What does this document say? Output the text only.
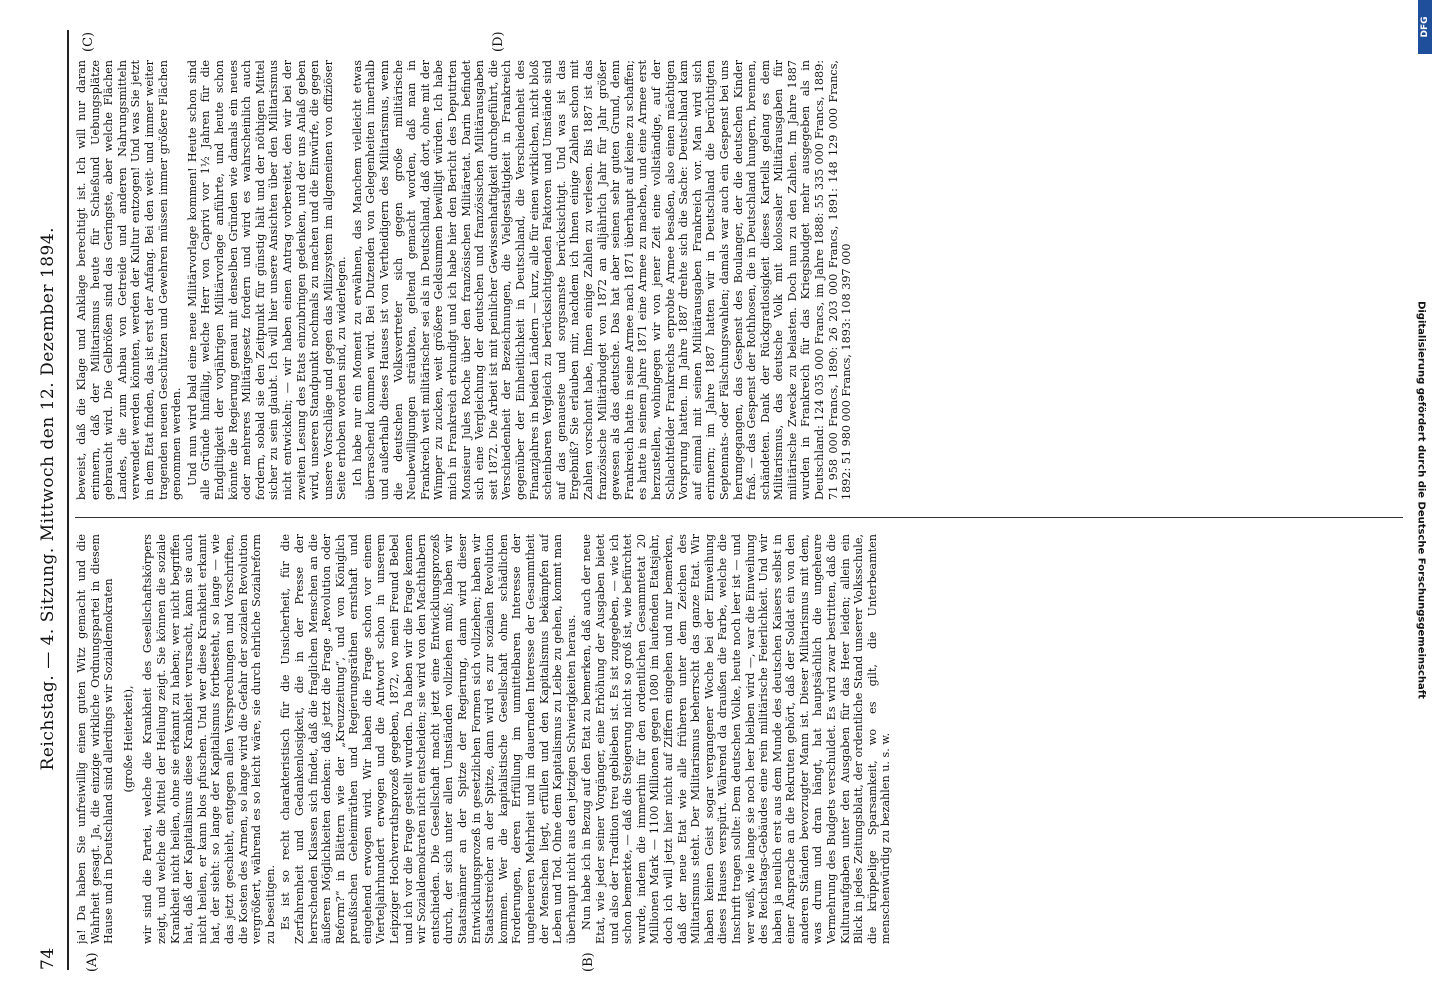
74
Reichstag. — 4. Sitzung. Mittwoch den 12. Dezember 1894.
(A)	(B)
(C)	(D)

ja! Da haben Sie unfreiwillig einen guten Witz gemacht und die Wahrheit gesagt. Ja, die einzige wirkliche Ordnungspartei in diesem Hause und in Deutschland sind allerdings wir Sozialdemokraten (große Heiterkeit), wir sind die Partei, welche die Krankheit des Gesellschaftskörpers zeigt, und welche die Mittel der Heilung zeigt. Sie können die soziale Krankheit nicht heilen, ohne sie erkannt zu haben; wer nicht begriffen hat, daß der Kapitalismus diese Krankheit verursacht, kann sie auch nicht heilen, er kann blos pfuschen. Und wer diese Krankheit erkannt hat, der sieht: so lange der Kapitalismus fortbesteht, so lange — wie das jetzt geschieht, entgegen allen Versprechungen und Vorschriften, die Kosten des Armen, so lange wird die Gefahr der sozialen Revolution vergrößert, während es so leicht wäre, sie durch ehrliche Sozialreform zu beseitigen. Es ist so recht charakteristisch für die Unsicherheit, für die Zerfahrenheit und Gedankenlosigkeit, die in der Presse der herrschenden Klassen sich findet, daß die fraglichen Menschen an die äußeren Möglichkeiten denken: daß jetzt die Frage „Revolution oder Reform?“ in Blättern wie der „Kreuzzeitung“, und von Königlich preußischen Geheimräthen und Regierungsräthen ernsthaft und eingehend erwogen wird. Wir haben die Frage schon vor einem Vierteljahrhundert erwogen und die Antwort schon in unserem Leipziger Hochverrathsprozeß gegeben, 1872, wo mein Freund Bebel und ich vor die Frage gestellt wurden. Da haben wir die Frage kennen wir Sozialdemokraten nicht entscheiden; sie wird von den Machthabern entschieden. Die Gesellschaft macht jetzt eine Entwicklungsprozeß durch, der sich unter allen Umständen vollziehen muß; haben wir Staatsmänner an der Spitze der Regierung, dann wird dieser Entwicklungsprozeß in gesetzlichen Formen sich vollziehen; haben wir Staatsstreicher an der Spitze, dann wird es zur sozialen Revolution kommen. Wer die kapitalistische Gesellschaft ohne schädlichen Forderungen, deren Erfüllung im unmittelbaren Interesse der ungeheueren Mehrheit und im dauernden Interesse der Gesammtheit der Menschen liegt, erfüllen und den Kapitalismus bekämpfen auf Leben und Tod. Ohne dem Kapitalismus zu Leibe zu gehen, kommt man überhaupt nicht aus den jetzigen Schwierigkeiten heraus. Nun habe ich in Bezug auf den Etat zu bemerken, daß auch der neue Etat, wie jeder seiner Vorgänger, eine Erhöhung der Ausgaben bietet und also der Tradition treu geblieben ist. Es ist zugegeben, — wie ich schon bemerkte, — daß die Steigerung nicht so groß ist, wie befürchtet wurde, indem die immerhin für den ordentlichen Gesammtetat 20 Millionen Mark — 1100 Millionen gegen 1080 im laufenden Etatsjahr, doch ich will jetzt hier nicht auf Ziffern eingehen und nur bemerken, daß der neue Etat wie alle früheren unter dem Zeichen des Militarismus steht. Der Militarismus beherrscht das ganze Etat. Wir haben keinen Geist sogar vergangener Woche bei der Einweihung dieses Hauses verspürt. Während da draußen die Farbe, welche die Inschrift tragen sollte: Dem deutschen Volke, heute noch leer ist — und wer weiß, wie lange sie noch leer bleiben wird —, war die Einweihung des Reichstags-Gebäudes eine rein militärische Feierlichkeit. Und wir haben ja neulich erst aus dem Munde des deutschen Kaisers selbst in einer Ansprache an die Rekruten gehört, daß der Soldat ein von den anderen Ständen bevorzugter Mann ist. Dieser Militarismus mit dem, was drum und dran hängt, hat hauptsächlich die ungeheure Vermehrung des Budgets verschuldet. Es wird zwar bestritten, daß die Kulturaufgaben unter den Ausgaben für das Heer leiden; allein ein Blick in jedes Zeitungsblatt, der ordentliche Stand unserer Volksschule, die krüppelige Sparsamkeit, wo es gilt, die Unterbeamten menschenwürdig zu bezahlen u. s. w.

beweist, daß die Klage und Anklage berechtigt ist. Ich will nur daran erinnern, daß der Militarismus heute für Schießund Uebungsplätze gebraucht wird. Die Gelbrößen sind das Geringste, aber welche Flächen Landes, die zum Anbau von Getreide und anderen Nahrungsmitteln verwendet werden könnten, werden der Kultur entzogen! Und was Sie jetzt in dem Etat finden, das ist erst der Anfang. Bei den weit- und immer weiter tragenden neuen Geschützen und Gewehren müssen immer größere Flächen genommen werden. Und nun wird bald eine neue Militärvorlage kommen! Heute schon sind alle Gründe hinfällig, welche Herr von Caprivi vor 1½ Jahren für die Endgiltigkeit der vorjährigen Militärvorlage anführte, und heute schon könnte die Regierung genau mit denselben Gründen wie damals ein neues oder mehreres Militärgesetz fordern und wird es wahrscheinlich auch fordern, sobald sie den Zeitpunkt für günstig hält und der nöthigen Mittel sicher zu sein glaubt. Ich will hier unsere Ansichten über den Militarismus nicht entwickeln; — wir haben einen Antrag vorbereitet, den wir bei der zweiten Lesung des Etats einzubringen gedenken, und der uns Anlaß geben wird, unseren Standpunkt nochmals zu machen und die Einwürfe, die gegen unsere Vorschläge und gegen das Milizsystem im allgemeinen von offiziöser Seite erhoben worden sind, zu widerlegen. Ich habe nur ein Moment zu erwähnen, das Manchem vielleicht etwas überraschend kommen wird. Bei Dutzenden von Gelegenheiten innerhalb und außerhalb dieses Hauses ist von Vertheidigern des Militarismus, wenn die deutschen Volksvertreter sich gegen große militärische Neubewilligungen sträubten, geltend gemacht worden, daß man in Frankreich weit militärischer sei als in Deutschland, daß dort, ohne mit der Wimper zu zucken, weit größere Geldsummen bewilligt würden. Ich habe mich in Frankreich erkundigt und ich habe hier den Bericht des Deputirten Monsieur Jules Roche über den französischen Militäretat. Darin befindet sich eine Vergleichung der deutschen und französischen Militärausgaben seit 1872. Die Arbeit ist mit peinlicher Gewissenhaftigkeit durchgeführt, die Verschiedenheit der Bezeichnungen, die Vielgestaltigkeit in Frankreich gegenüber der Einheitlichkeit in Deutschland, die Verschiedenheit des Finanzjahres in beiden Ländern — kurz, alle für einen wirklichen, nicht bloß scheinbaren Vergleich zu berücksichtigenden Faktoren und Umstände sind auf das genaueste und sorgsamste berücksichtigt. Und was ist das Ergebniß? Sie erlauben mir, nachdem ich Ihnen einige Zahlen schon mit Zahlen vorschont habe, Ihnen einige Zahlen zu verlesen. Bis 1887 ist das französische Militärbudget von 1872 an alljährlich Jahr für Jahr größer gewesen als das deutsche. Das hat aber seinen sehr guten Grund, denn Frankreich hatte in seine Armee nach 1871 überhaupt auf keine zu schaffen; es hatte in seinem Jahre 1871 eine Armee zu machen, und eine Armee erst herzustellen, wohingegen wir von jener Zeit eine vollständige, auf der Schlachtfelder Frankreichs erprobte Armee besaßen, also einen mächtigen Vorsprung hatten. Im Jahre 1887 drehte sich die Sache: Deutschland kam auf einmal mit seinen Militärausgaben Frankreich vor. Man wird sich erinnern; im Jahre 1887 hatten wir in Deutschland die berüchtigten Septennats- oder Fälschungswahlen; damals war auch ein Gespenst bei uns herumgegangen, das Gespenst des Boulanger, der die deutschen Kinder fraß. — das Gespenst der Rothhosen, die in Deutschland hungern, brennen, schändeten. Dank der Rückgratlosigkeit dieses Kartells gelang es dem Militarismus, das deutsche Volk mit kolossaler Militärausgaben für militärische Zwecke zu belasten. Doch nun zu den Zahlen. Im Jahre 1887 wurden in Frankreich für das Kriegsbudget mehr ausgegeben als in Deutschland: 124 035 000 Francs, im Jahre 1888: 55 335 000 Francs, 1889: 71 958 000 Francs, 1890: 26 203 000 Francs, 1891: 148 129 000 Francs, 1892: 51 980 000 Francs, 1893: 108 397 000

DFG
Digitalisierung gefördert durch die Deutsche Forschungsgemeinschaft
